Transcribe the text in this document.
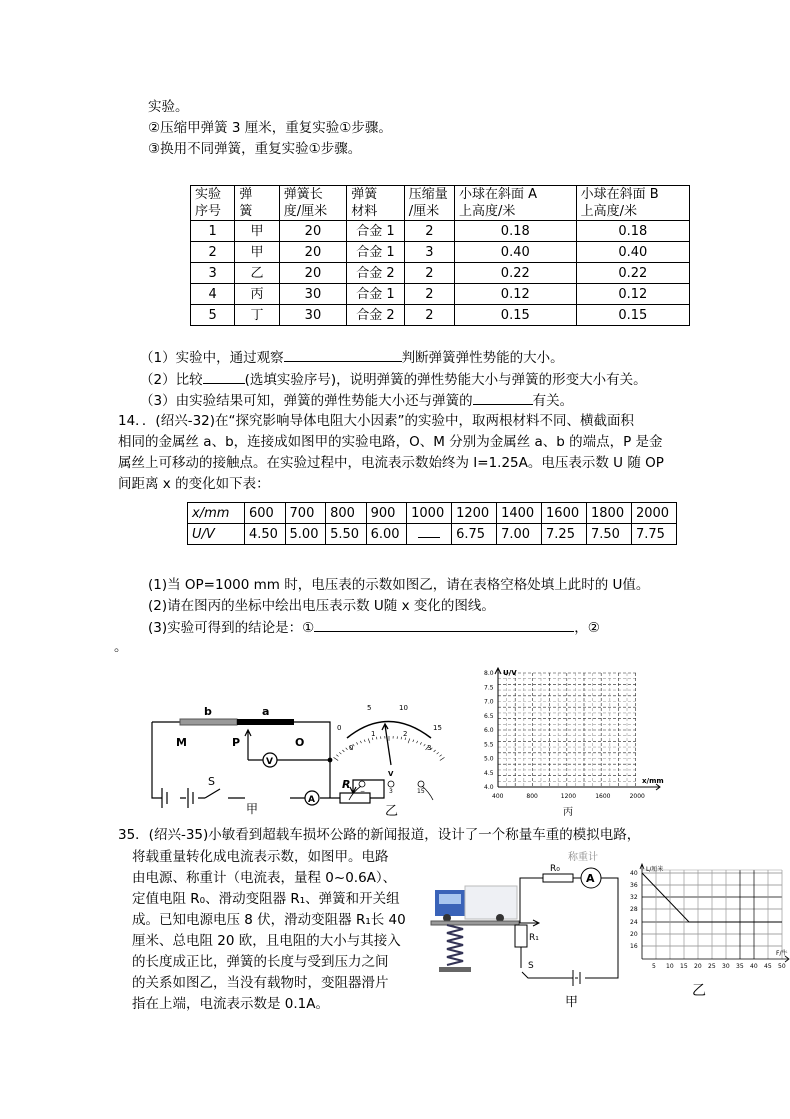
实验。
②压缩甲弹簧 3 厘米，重复实验①步骤。
③换用不同弹簧，重复实验①步骤。
实验	弹	弹簧长	弹簧	压缩量	小球在斜面 A	小球在斜面 B
序号	簧	度/厘米	材料	/厘米	上高度/米	上高度/米
1	甲	20	合金 1	2	0.18	0.18
2	甲	20	合金 1	3	0.40	0.40
3	乙	20	合金 2	2	0.22	0.22
4	丙	30	合金 1	2	0.12	0.12
5	丁	30	合金 2	2	0.15	0.15
（1）实验中，通过观察	判断弹簧弹性势能的大小。
（2）比较	(选填实验序号)，说明弹簧的弹性势能大小与弹簧的形变大小有关。
（3）由实验结果可知，弹簧的弹性势能大小还与弹簧的	有关。
14．．(绍兴-32)在“探究影响导体电阻大小因素”的实验中，取两根材料不同、横截面积
相同的金属丝 a、b，连接成如图甲的实验电路，O、M 分别为金属丝 a、b 的端点，P 是金
属丝上可移动的接触点。在实验过程中，电流表示数始终为 I=1.25A。电压表示数 U 随 OP
间距离 x 的变化如下表：
x/mm	600	700	800	900	1000	1200	1400	1600	1800	2000
U/V	4.50	5.00	5.50	6.00		6.75	7.00	7.25	7.50	7.75
(1)当 OP=1000 mm 时，电压表的示数如图乙，请在表格空格处填上此时的 U值。
(2)请在图丙的坐标中绘出电压表示数 U随 x 变化的图线。
(3)实验可得到的结论是：①	，②
。
b	a
M	P	O
V
A
S	R
甲
0
5	10
15
0
1	2
3
V
−	3	15
乙
U/V
x/mm
8.0
7.5
7.0
6.5
6.0
5.5
5.0
4.5
4.0
400	800	1200	1600	2000
丙
35．(绍兴-35)小敏看到超载车损坏公路的新闻报道，设计了一个称量车重的模拟电路，
将载重量转化成电流表示数，如图甲。电路
由电源、称重计（电流表，量程 0~0.6A）、
定值电阻 R₀、滑动变阻器 R₁、弹簧和开关组
成。已知电源电压 8 伏，滑动变阻器 R₁长 40
厘米、总电阻 20 欧，且电阻的大小与其接入
的长度成正比，弹簧的长度与受到压力之间
的关系如图乙，当没有载物时，变阻器滑片
指在上端，电流表示数是 0.1A。
A
R₀
R₁
S
甲
称重计
L/厘米
F/牛
40
36
32
28
24
20
16
5 10 15 20 25 30 35 40 45 50
乙
